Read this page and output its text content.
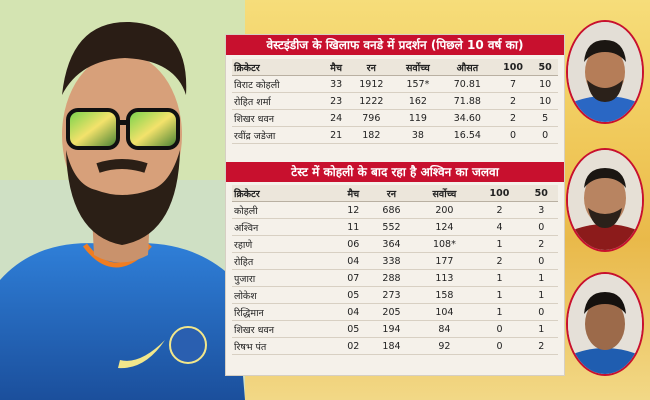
वेस्टइंडीज के खिलाफ वनडे में प्रदर्शन (पिछले 10 वर्ष का)
क्रिकेटर	मैच	रन	सर्वोच्च	औसत	100	50
विराट कोहली	33	1912	157*	70.81	7	10
रोहित शर्मा	23	1222	162	71.88	2	10
शिखर धवन	24	796	119	34.60	2	5
रवींद्र जडेजा	21	182	38	16.54	0	0
टेस्ट में कोहली के बाद रहा है अश्विन का जलवा
क्रिकेटर	मैच	रन	सर्वोच्च	100	50
कोहली	12	686	200	2	3
अश्विन	11	552	124	4	0
रहाणे	06	364	108*	1	2
रोहित	04	338	177	2	0
पुजारा	07	288	113	1	1
लोकेश	05	273	158	1	1
रिद्धिमान	04	205	104	1	0
शिखर धवन	05	194	84	0	1
रिषभ पंत	02	184	92	0	2
